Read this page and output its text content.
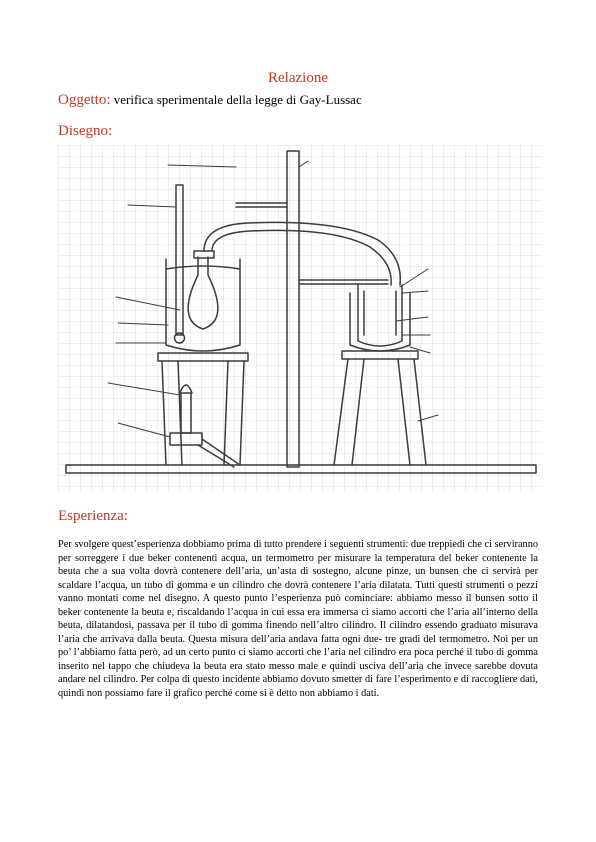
Relazione
Oggetto: verifica sperimentale della legge di Gay-Lussac
Disegno:
Esperienza:

Per svolgere quest’esperienza dobbiamo prima di tutto prendere i seguenti strumenti: due treppiedi che ci serviranno per sorreggere i due beker contenenti acqua, un termometro per misurare la temperatura del beker contenente la beuta che a sua volta dovrà contenere dell’aria, un’asta di sostegno, alcune pinze, un bunsen che ci servirà per scaldare l’acqua, un tubo di gomma e un cilindro che dovrà contenere l’aria dilatata. Tutti questi strumenti o pezzi vanno montati come nel disegno. A questo punto l’esperienza può cominciare: abbiamo messo il bunsen sotto il beker contenente la beuta e, riscaldando l’acqua in cui essa era immersa ci siamo accorti che l’aria all’interno della beuta, dilatandosi, passava per il tubo di gomma finendo nell’altro cilindro. Il cilindro essendo graduato misurava l’aria che arrivava dalla beuta. Questa misura dell’aria andava fatta ogni due- tre gradi del termometro. Noi per un po’ l’abbiamo fatta però, ad un certo punto ci siamo accorti che l’aria nel cilindro era poca perché il tubo di gomma inserito nel tappo che chiudeva la beuta era stato messo male e quindi usciva dell’aria che invece sarebbe dovuta andare nel cilindro. Per colpa di questo incidente abbiamo dovuto smetter di fare l’esperimento e di raccogliere dati, quindi non possiamo fare il grafico perché come si è detto non abbiamo i dati.
